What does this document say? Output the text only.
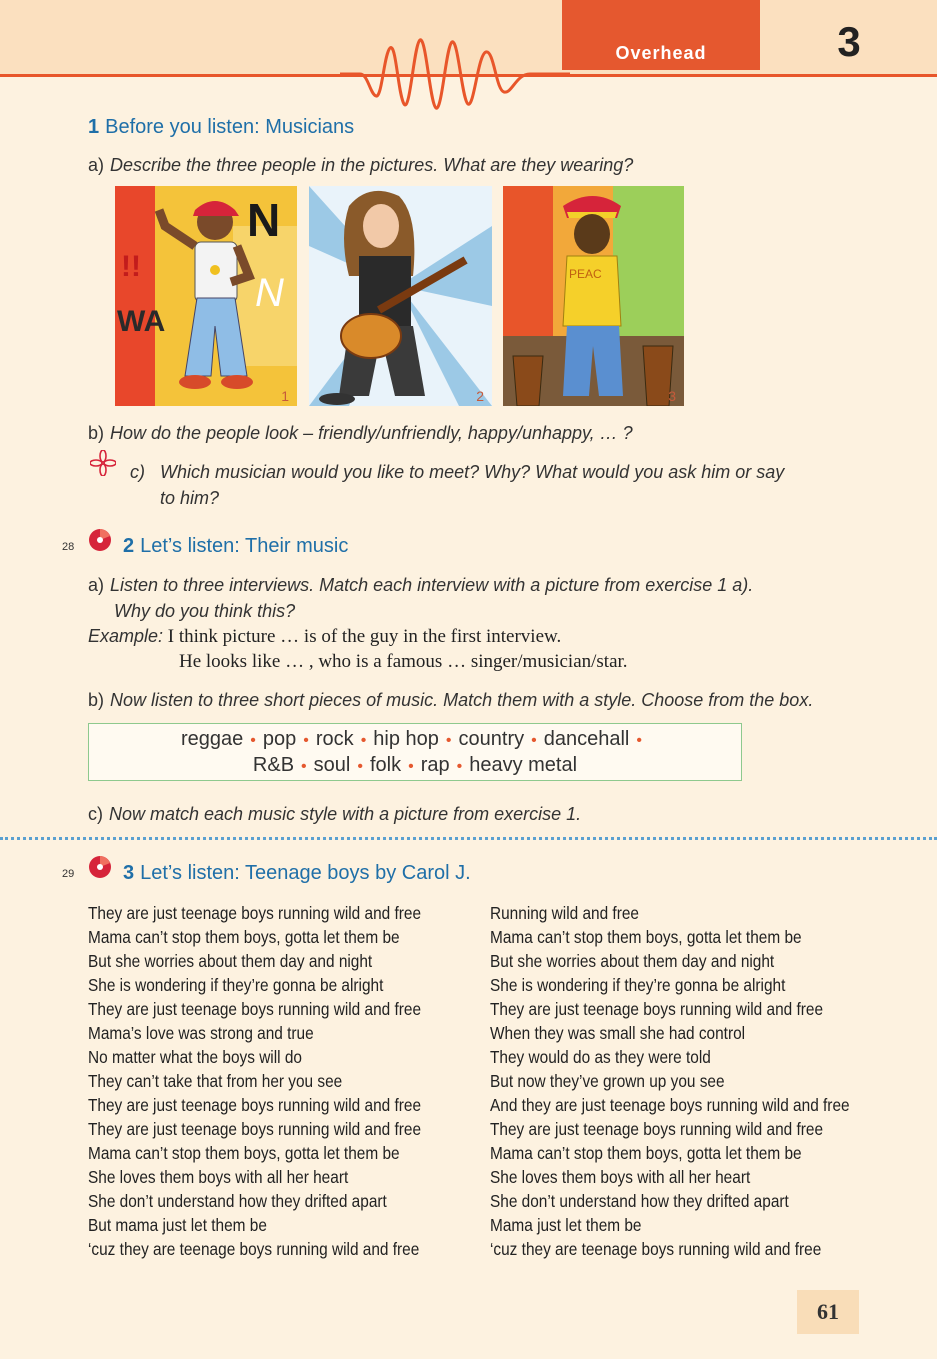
Overhead	3
1 Before you listen: Musicians
a) Describe the three people in the pictures. What are they wearing?
!!
WA
N
N
1	2
PEAC
3
b) How do the people look – friendly/unfriendly, happy/unhappy, … ?
c) Which musician would you like to meet? Why? What would you ask him or say
to him?
28 2 Let’s listen: Their music
a) Listen to three interviews. Match each interview with a picture from exercise 1 a).
Why do you think this?
Example: I think picture … is of the guy in the first interview.
He looks like … , who is a famous … singer/musician/star.
b) Now listen to three short pieces of music. Match them with a style. Choose from the box.
reggae • pop • rock • hip hop • country • dancehall •
R&B • soul • folk • rap • heavy metal
c) Now match each music style with a picture from exercise 1.
29 3 Let’s listen: Teenage boys by Carol J.
They are just teenage boys running wild and free
Mama can’t stop them boys, gotta let them be
But she worries about them day and night
She is wondering if they’re gonna be alright
They are just teenage boys running wild and free
Mama’s love was strong and true
No matter what the boys will do
They can’t take that from her you see
They are just teenage boys running wild and free
They are just teenage boys running wild and free
Mama can’t stop them boys, gotta let them be
She loves them boys with all her heart
She don’t understand how they drifted apart
But mama just let them be
‘cuz they are teenage boys running wild and free
Running wild and free
Mama can’t stop them boys, gotta let them be
But she worries about them day and night
She is wondering if they’re gonna be alright
They are just teenage boys running wild and free
When they was small she had control
They would do as they were told
But now they’ve grown up you see
And they are just teenage boys running wild and free
They are just teenage boys running wild and free
Mama can’t stop them boys, gotta let them be
She loves them boys with all her heart
She don’t understand how they drifted apart
Mama just let them be
‘cuz they are teenage boys running wild and free
61
